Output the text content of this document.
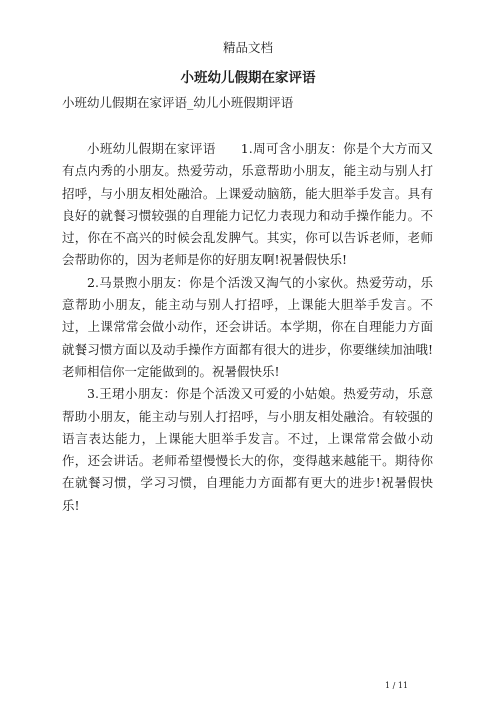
精品文档
小班幼儿假期在家评语
小班幼儿假期在家评语_幼儿小班假期评语

小班幼儿假期在家评语 1.周可含小朋友：你是个大方而又有点内秀的小朋友。热爱劳动，乐意帮助小朋友，能主动与别人打招呼，与小朋友相处融洽。上课爱动脑筋，能大胆举手发言。具有良好的就餐习惯较强的自理能力记忆力表现力和动手操作能力。不过，你在不高兴的时候会乱发脾气。其实，你可以告诉老师，老师会帮助你的，因为老师是你的好朋友啊!祝暑假快乐!

2.马景煦小朋友：你是个活泼又淘气的小家伙。热爱劳动，乐意帮助小朋友，能主动与别人打招呼，上课能大胆举手发言。不过，上课常常会做小动作，还会讲话。本学期，你在自理能力方面就餐习惯方面以及动手操作方面都有很大的进步，你要继续加油哦!老师相信你一定能做到的。祝暑假快乐!

3.王珺小朋友：你是个活泼又可爱的小姑娘。热爱劳动，乐意帮助小朋友，能主动与别人打招呼，与小朋友相处融洽。有较强的语言表达能力，上课能大胆举手发言。不过，上课常常会做小动作，还会讲话。老师希望慢慢长大的你，变得越来越能干。期待你在就餐习惯，学习习惯，自理能力方面都有更大的进步!祝暑假快乐!

1 / 11
